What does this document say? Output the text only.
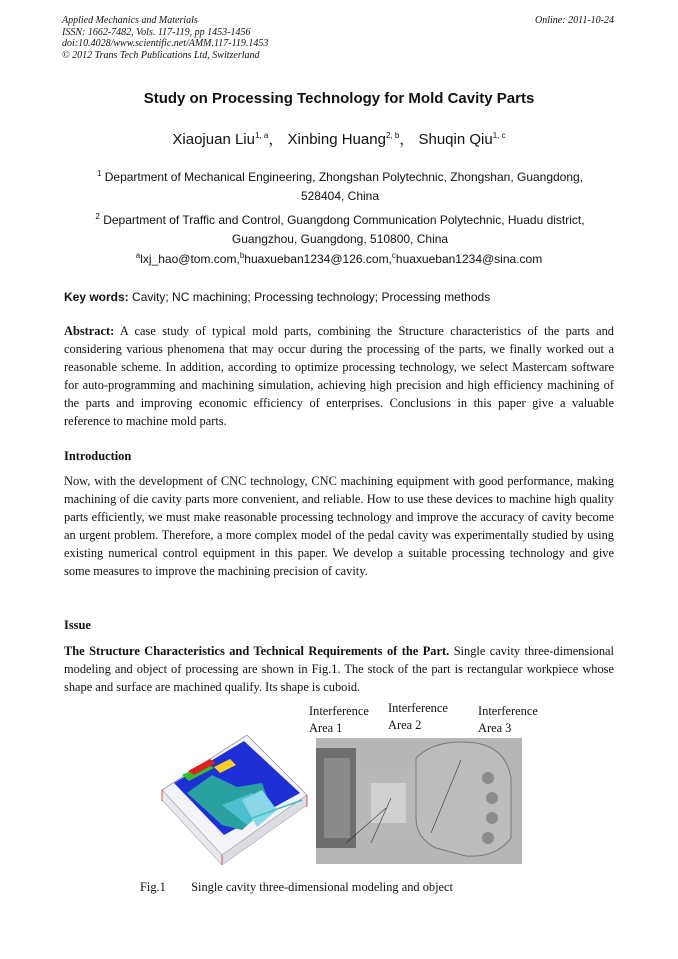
Applied Mechanics and Materials
ISSN: 1662-7482, Vols. 117-119, pp 1453-1456
doi:10.4028/www.scientific.net/AMM.117-119.1453
© 2012 Trans Tech Publications Ltd, Switzerland
Online: 2011-10-24
Study on Processing Technology for Mold Cavity Parts
Xiaojuan Liu$^{1, a}$， Xinbing Huang$^{2, b}$， Shuqin Qiu$^{1, c}$
$^1$ Department of Mechanical Engineering, Zhongshan Polytechnic, Zhongshan, Guangdong, 528404, China
$^2$ Department of Traffic and Control, Guangdong Communication Polytechnic, Huadu district, Guangzhou, Guangdong, 510800, China
$^a$lxj_hao@tom.com,$^b$huaxueban1234@126.com,$^c$huaxueban1234@sina.com
Key words: Cavity; NC machining; Processing technology; Processing methods
Abstract: A case study of typical mold parts, combining the Structure characteristics of the parts and considering various phenomena that may occur during the processing of the parts, we finally worked out a reasonable scheme. In addition, according to optimize processing technology, we select Mastercam software for auto-programming and machining simulation, achieving high precision and high efficiency machining of the parts and improving economic efficiency of enterprises. Conclusions in this paper give a valuable reference to machine mold parts.
Introduction
Now, with the development of CNC technology, CNC machining equipment with good performance, making machining of die cavity parts more convenient, and reliable. How to use these devices to machine high quality parts efficiently, we must make reasonable processing technology and improve the accuracy of cavity become an urgent problem. Therefore, a more complex model of the pedal cavity was experimentally studied by using existing numerical control equipment in this paper. We develop a suitable processing technology and give some measures to improve the machining precision of cavity.
Issue
The Structure Characteristics and Technical Requirements of the Part. Single cavity three-dimensional modeling and object of processing are shown in Fig.1. The stock of the part is rectangular workpiece whose shape and surface are machined qualify. Its shape is cuboid.
Interference
Area 1
Interference
Area 2
Interference
Area 3
Fig.1 Single cavity three-dimensional modeling and object
